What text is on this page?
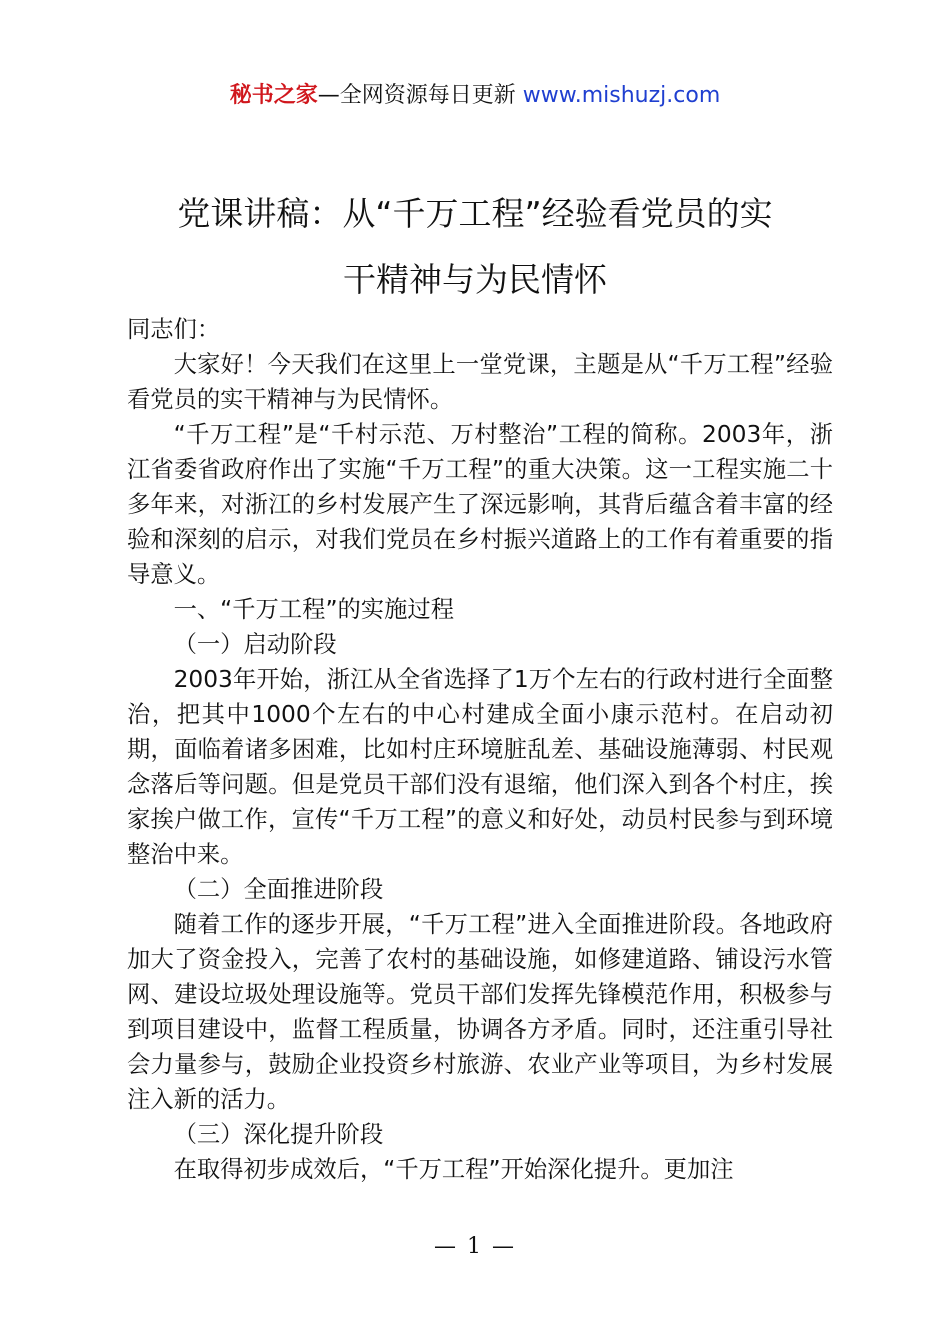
秘书之家—全网资源每日更新 www.mishuzj.com
党课讲稿：从“千万工程”经验看党员的实
干精神与为民情怀

同志们：

大家好！今天我们在这里上一堂党课，主题是从“千万工程”经验看党员的实干精神与为民情怀。

“千万工程”是“千村示范、万村整治”工程的简称。2003年，浙江省委省政府作出了实施“千万工程”的重大决策。这一工程实施二十多年来，对浙江的乡村发展产生了深远影响，其背后蕴含着丰富的经验和深刻的启示，对我们党员在乡村振兴道路上的工作有着重要的指导意义。

一、“千万工程”的实施过程

（一）启动阶段

2003年开始，浙江从全省选择了1万个左右的行政村进行全面整治，把其中1000个左右的中心村建成全面小康示范村。在启动初期，面临着诸多困难，比如村庄环境脏乱差、基础设施薄弱、村民观念落后等问题。但是党员干部们没有退缩，他们深入到各个村庄，挨家挨户做工作，宣传“千万工程”的意义和好处，动员村民参与到环境整治中来。

（二）全面推进阶段

随着工作的逐步开展，“千万工程”进入全面推进阶段。各地政府加大了资金投入，完善了农村的基础设施，如修建道路、铺设污水管网、建设垃圾处理设施等。党员干部们发挥先锋模范作用，积极参与到项目建设中，监督工程质量，协调各方矛盾。同时，还注重引导社会力量参与，鼓励企业投资乡村旅游、农业产业等项目，为乡村发展注入新的活力。

（三）深化提升阶段

在取得初步成效后，“千万工程”开始深化提升。更加注

— 1 —
